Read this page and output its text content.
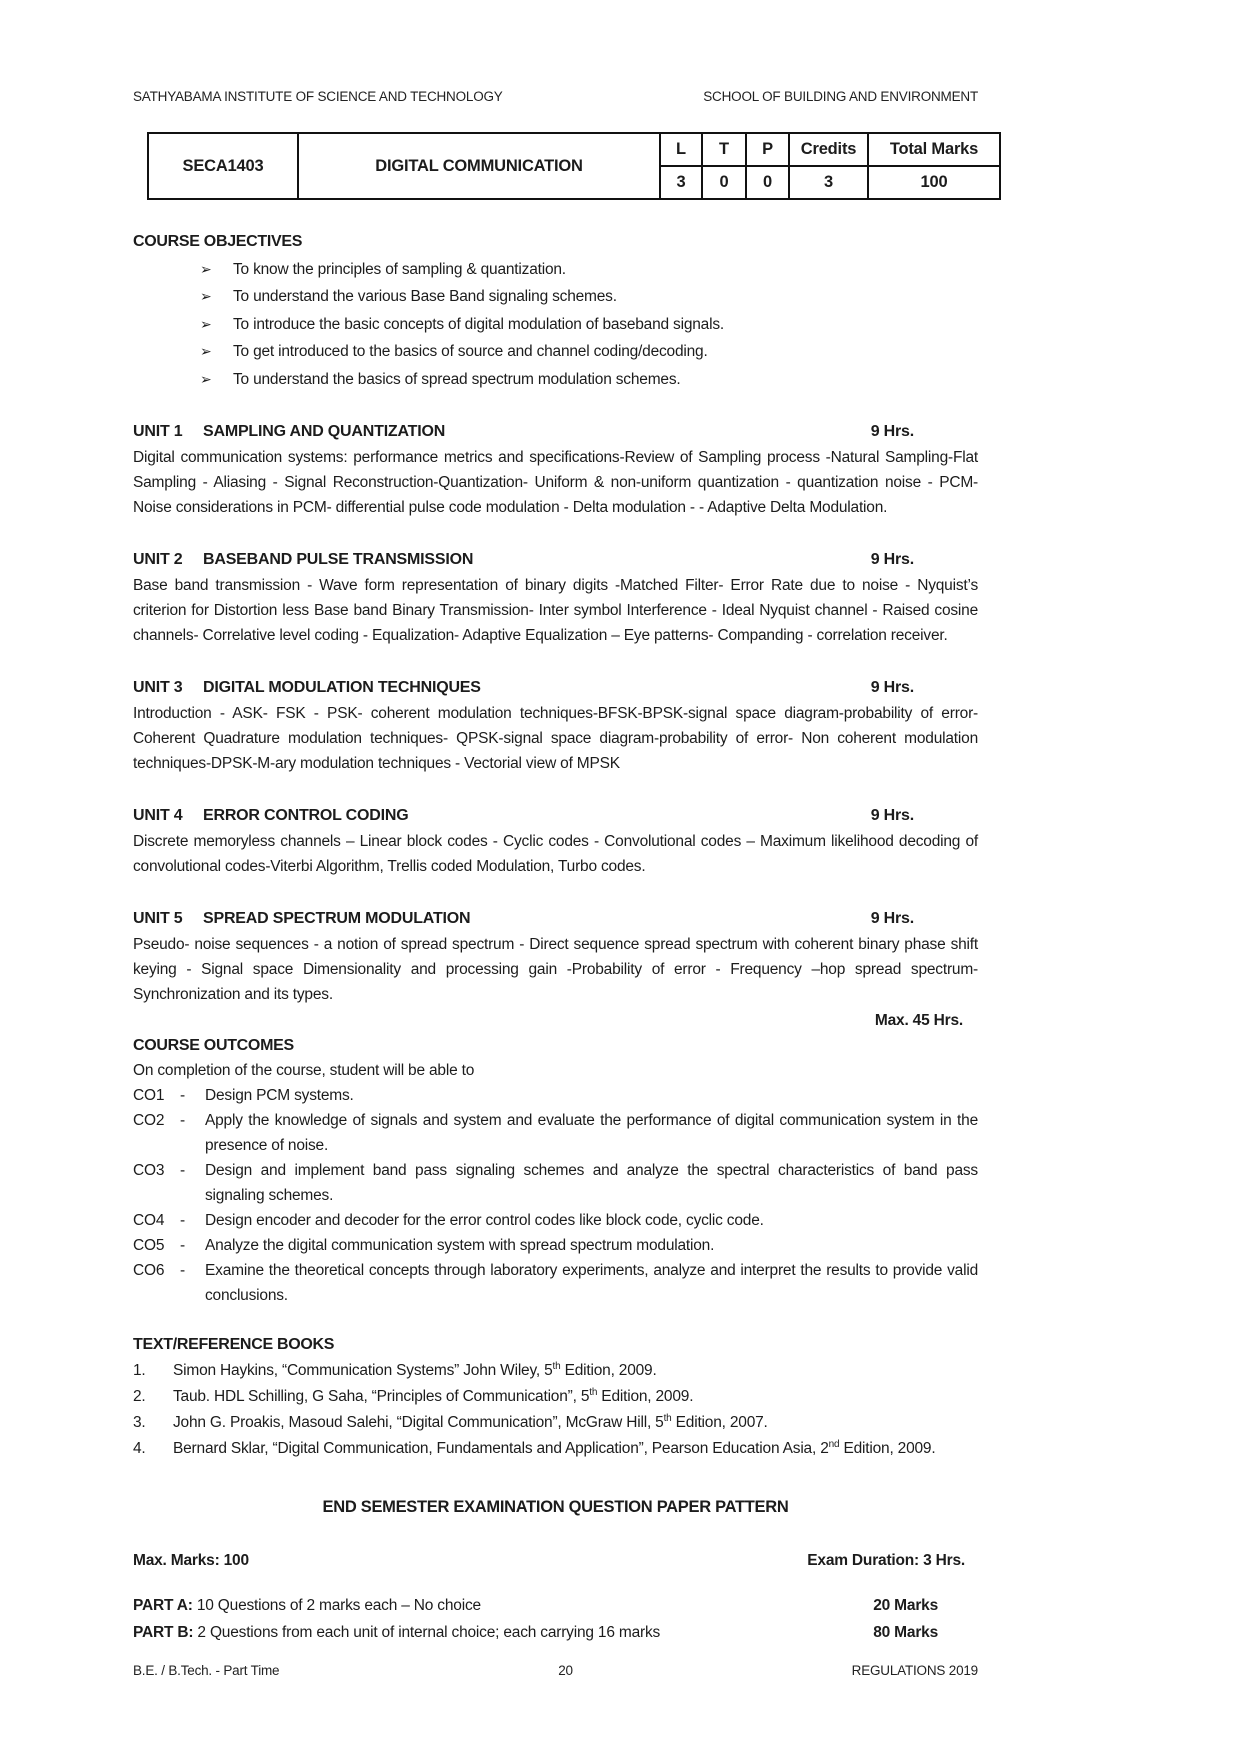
SATHYABAMA INSTITUTE OF SCIENCE AND TECHNOLOGY	SCHOOL OF BUILDING AND ENVIRONMENT
SECA1403	DIGITAL COMMUNICATION	L	T	P	Credits	Total Marks
		3	0	0	3	100
COURSE OBJECTIVES
➢	To know the principles of sampling & quantization.
➢	To understand the various Base Band signaling schemes.
➢	To introduce the basic concepts of digital modulation of baseband signals.
➢	To get introduced to the basics of source and channel coding/decoding.
➢	To understand the basics of spread spectrum modulation schemes.
UNIT 1	SAMPLING AND QUANTIZATION	9 Hrs.
Digital communication systems: performance metrics and specifications-Review of Sampling process -Natural Sampling-Flat Sampling - Aliasing - Signal Reconstruction-Quantization- Uniform & non-uniform quantization - quantization noise - PCM- Noise considerations in PCM- differential pulse code modulation - Delta modulation - - Adaptive Delta Modulation.
UNIT 2	BASEBAND PULSE TRANSMISSION	9 Hrs.
Base band transmission - Wave form representation of binary digits -Matched Filter- Error Rate due to noise - Nyquist’s criterion for Distortion less Base band Binary Transmission- Inter symbol Interference - Ideal Nyquist channel - Raised cosine channels- Correlative level coding - Equalization- Adaptive Equalization – Eye patterns- Companding - correlation receiver.
UNIT 3	DIGITAL MODULATION TECHNIQUES	9 Hrs.
Introduction - ASK- FSK - PSK- coherent modulation techniques-BFSK-BPSK-signal space diagram-probability of error- Coherent Quadrature modulation techniques- QPSK-signal space diagram-probability of error- Non coherent modulation techniques-DPSK-M-ary modulation techniques - Vectorial view of MPSK
UNIT 4	ERROR CONTROL CODING	9 Hrs.
Discrete memoryless channels – Linear block codes - Cyclic codes - Convolutional codes – Maximum likelihood decoding of convolutional codes-Viterbi Algorithm, Trellis coded Modulation, Turbo codes.
UNIT 5	SPREAD SPECTRUM MODULATION	9 Hrs.
Pseudo- noise sequences - a notion of spread spectrum - Direct sequence spread spectrum with coherent binary phase shift keying - Signal space Dimensionality and processing gain -Probability of error - Frequency –hop spread spectrum- Synchronization and its types.
Max. 45 Hrs.
COURSE OUTCOMES
On completion of the course, student will be able to
CO1	-	Design PCM systems.
CO2	-	Apply the knowledge of signals and system and evaluate the performance of digital communication system in the presence of noise.
CO3	-	Design and implement band pass signaling schemes and analyze the spectral characteristics of band pass signaling schemes.
CO4	-	Design encoder and decoder for the error control codes like block code, cyclic code.
CO5	-	Analyze the digital communication system with spread spectrum modulation.
CO6	-	Examine the theoretical concepts through laboratory experiments, analyze and interpret the results to provide valid conclusions.
TEXT/REFERENCE BOOKS
1.	Simon Haykins, “Communication Systems” John Wiley, 5th Edition, 2009.
2.	Taub. HDL Schilling, G Saha, “Principles of Communication”, 5th Edition, 2009.
3.	John G. Proakis, Masoud Salehi, “Digital Communication”, McGraw Hill, 5th Edition, 2007.
4.	Bernard Sklar, “Digital Communication, Fundamentals and Application”, Pearson Education Asia, 2nd Edition, 2009.
END SEMESTER EXAMINATION QUESTION PAPER PATTERN
Max. Marks: 100	Exam Duration: 3 Hrs.
PART A: 10 Questions of 2 marks each – No choice	20 Marks
PART B: 2 Questions from each unit of internal choice; each carrying 16 marks	80 Marks
B.E. / B.Tech. - Part Time	20	REGULATIONS 2019
